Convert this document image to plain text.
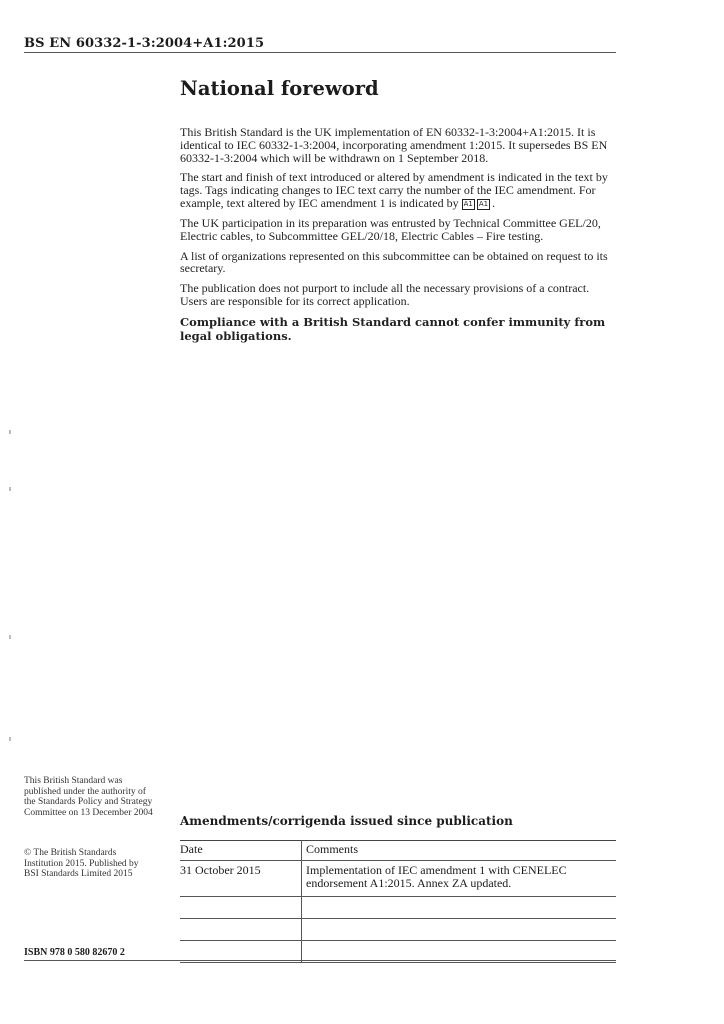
BS EN 60332-1-3:2004+A1:2015
National foreword

This British Standard is the UK implementation of EN 60332-1-3:2004+A1:2015. It is identical to IEC 60332-1-3:2004, incorporating amendment 1:2015. It supersedes BS EN 60332-1-3:2004 which will be withdrawn on 1 September 2018.

The start and finish of text introduced or altered by amendment is indicated in the text by tags. Tags indicating changes to IEC text carry the number of the IEC amendment. For example, text altered by IEC amendment 1 is indicated by A1 A1 .

The UK participation in its preparation was entrusted by Technical Committee GEL/20, Electric cables, to Subcommittee GEL/20/18, Electric Cables – Fire testing.

A list of organizations represented on this subcommittee can be obtained on request to its secretary.

The publication does not purport to include all the necessary provisions of a contract. Users are responsible for its correct application.

Compliance with a British Standard cannot confer immunity from legal obligations.

This British Standard was published under the authority of the Standards Policy and Strategy Committee on 13 December 2004
© The British Standards Institution 2015. Published by BSI Standards Limited 2015
Amendments/corrigenda issued since publication
Date	Comments
31 October 2015	Implementation of IEC amendment 1 with CENELEC endorsement A1:2015. Annex ZA updated.

ISBN 978 0 580 82670 2
